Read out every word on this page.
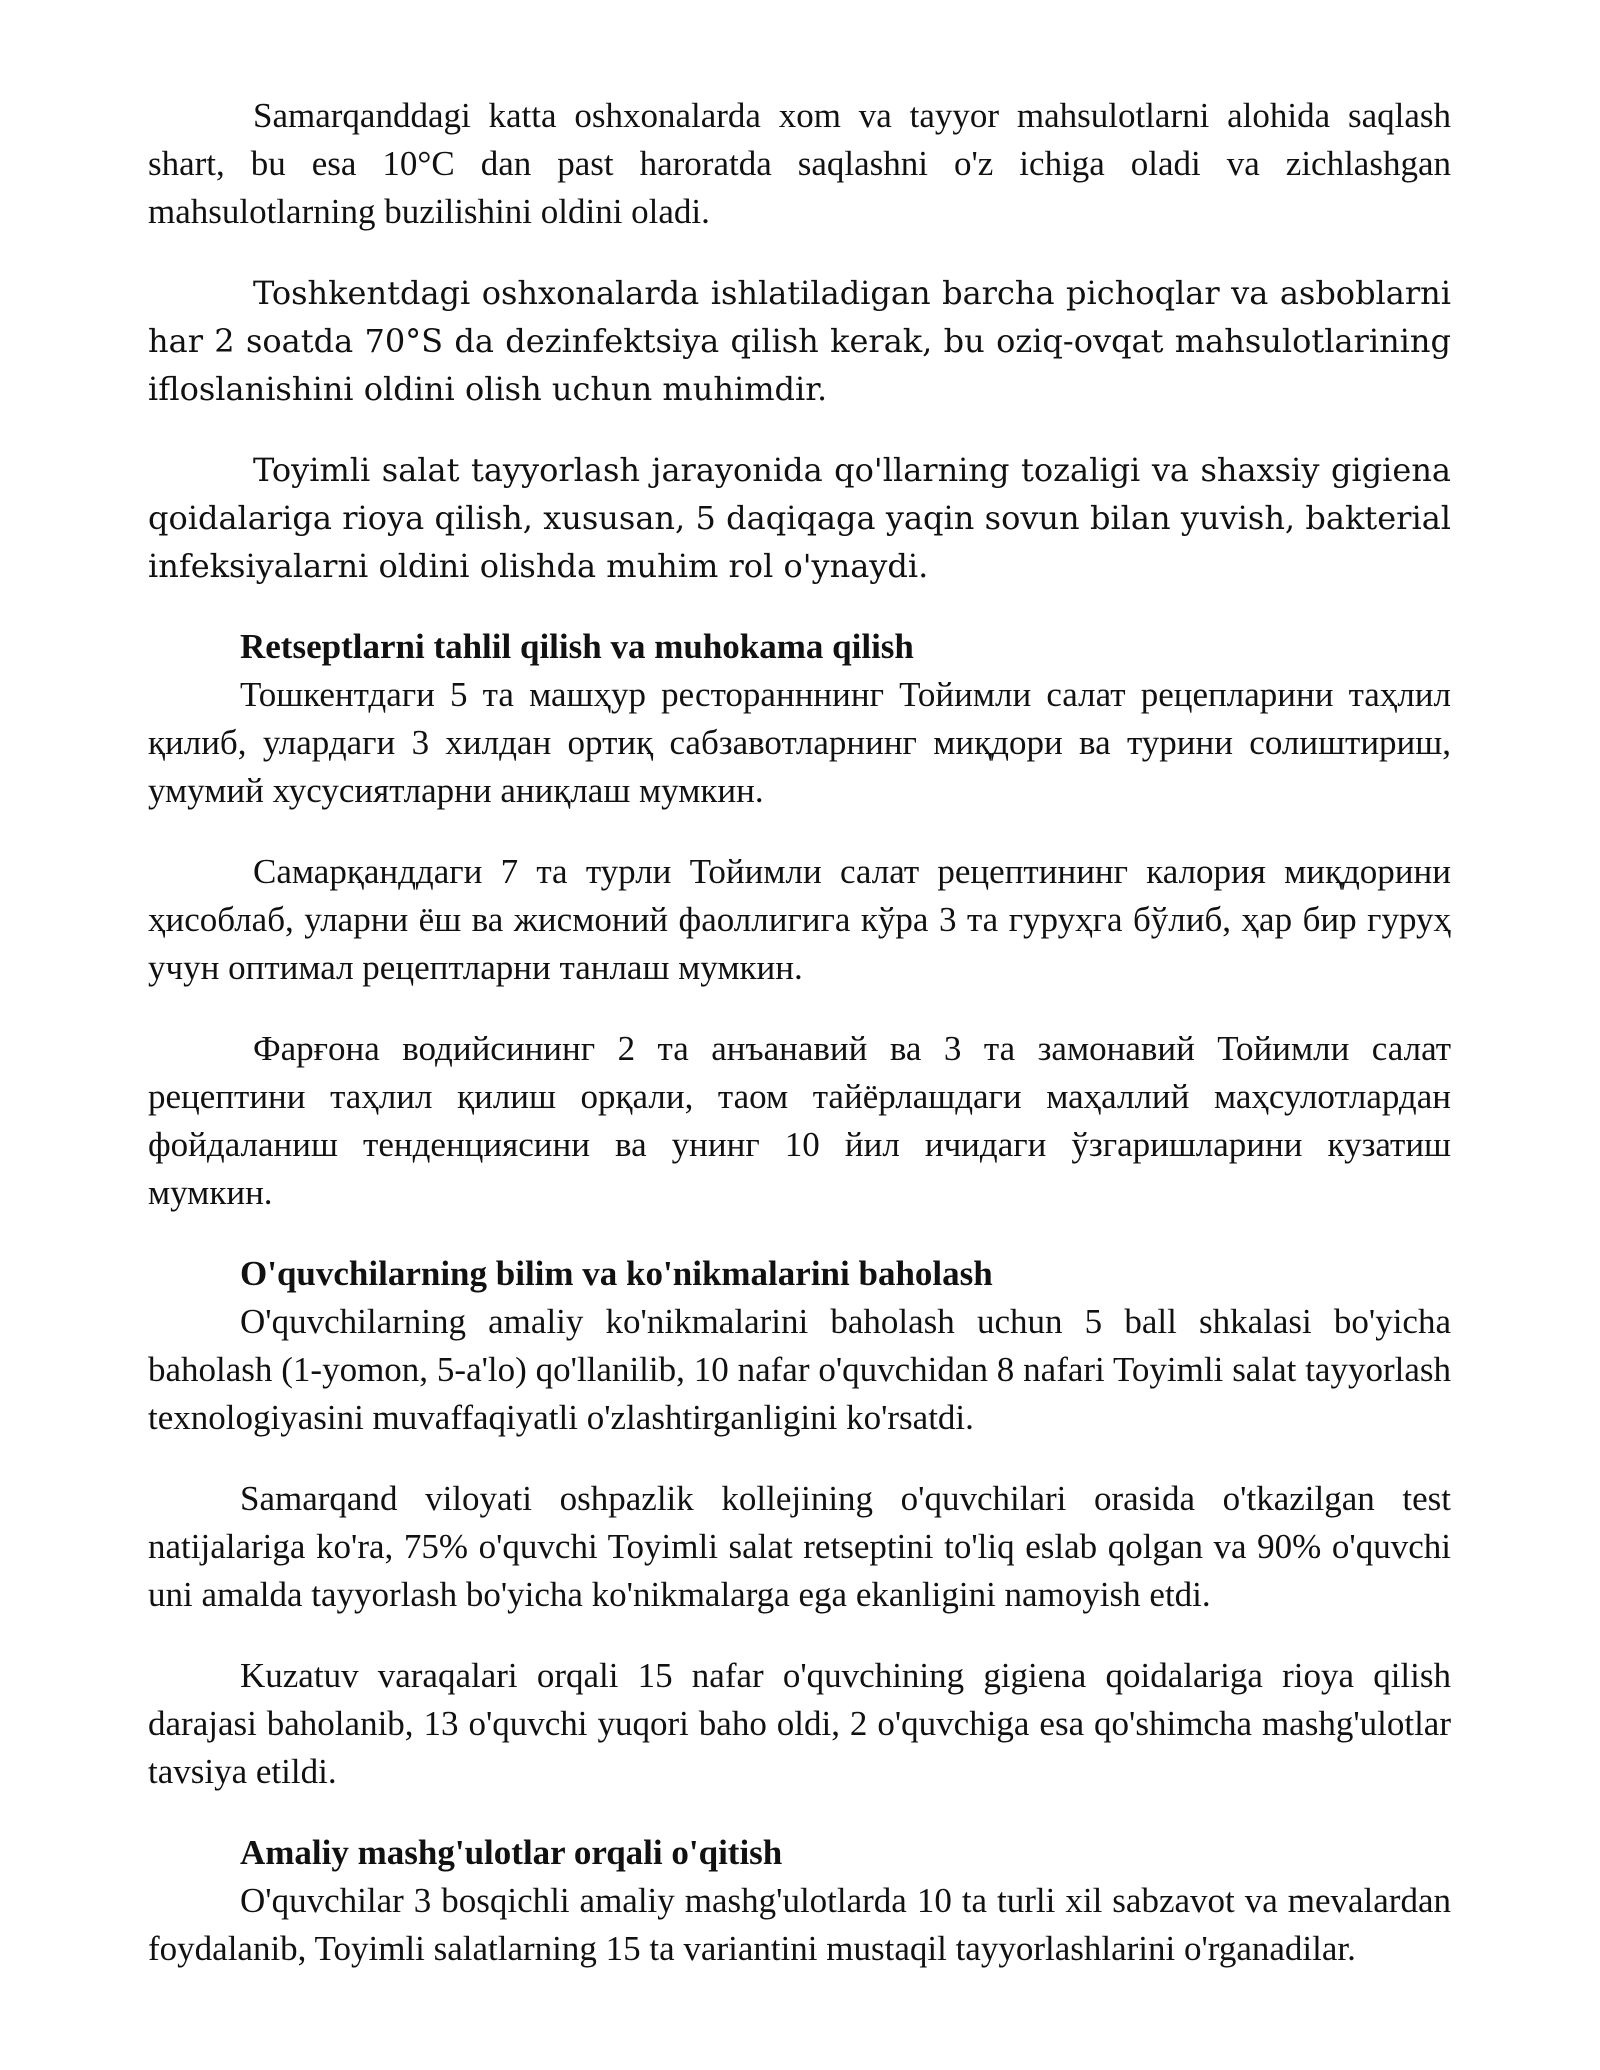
Samarqanddagi katta oshxonalarda xom va tayyor mahsulotlarni alohida saqlash shart, bu esa 10°C dan past haroratda saqlashni o'z ichiga oladi va zichlashgan mahsulotlarning buzilishini oldini oladi.

Toshkentdagi oshxonalarda ishlatiladigan barcha pichoqlar va asboblarni har 2 soatda 70°S da dezinfektsiya qilish kerak, bu oziq-ovqat mahsulotlarining ifloslanishini oldini olish uchun muhimdir.

Toyimli salat tayyorlash jarayonida qo'llarning tozaligi va shaxsiy gigiena qoidalariga rioya qilish, xususan, 5 daqiqaga yaqin sovun bilan yuvish, bakterial infeksiyalarni oldini olishda muhim rol o'ynaydi.

Retseptlarni tahlil qilish va muhokama qilish

Тошкентдаги 5 та машҳур ресторанннинг Тойимли салат рецепларини таҳлил қилиб, улардаги 3 хилдан ортиқ сабзавотларнинг миқдори ва турини солиштириш, умумий хусусиятларни аниқлаш мумкин.

Самарқанддаги 7 та турли Тойимли салат рецептининг калория миқдорини ҳисоблаб, уларни ёш ва жисмоний фаоллигига кўра 3 та гуруҳга бўлиб, ҳар бир гуруҳ учун оптимал рецептларни танлаш мумкин.

Фарғона водийсининг 2 та анъанавий ва 3 та замонавий Тойимли салат рецептини таҳлил қилиш орқали, таом тайёрлашдаги маҳаллий маҳсулотлардан фойдаланиш тенденциясини ва унинг 10 йил ичидаги ўзгаришларини кузатиш мумкин.

O'quvchilarning bilim va ko'nikmalarini baholash

O'quvchilarning amaliy ko'nikmalarini baholash uchun 5 ball shkalasi bo'yicha baholash (1-yomon, 5-a'lo) qo'llanilib, 10 nafar o'quvchidan 8 nafari Toyimli salat tayyorlash texnologiyasini muvaffaqiyatli o'zlashtirganligini ko'rsatdi.

Samarqand viloyati oshpazlik kollejining o'quvchilari orasida o'tkazilgan test natijalariga ko'ra, 75% o'quvchi Toyimli salat retseptini to'liq eslab qolgan va 90% o'quvchi uni amalda tayyorlash bo'yicha ko'nikmalarga ega ekanligini namoyish etdi.

Kuzatuv varaqalari orqali 15 nafar o'quvchining gigiena qoidalariga rioya qilish darajasi baholanib, 13 o'quvchi yuqori baho oldi, 2 o'quvchiga esa qo'shimcha mashg'ulotlar tavsiya etildi.

Amaliy mashg'ulotlar orqali o'qitish

O'quvchilar 3 bosqichli amaliy mashg'ulotlarda 10 ta turli xil sabzavot va mevalardan foydalanib, Toyimli salatlarning 15 ta variantini mustaqil tayyorlashlarini o'rganadilar.
